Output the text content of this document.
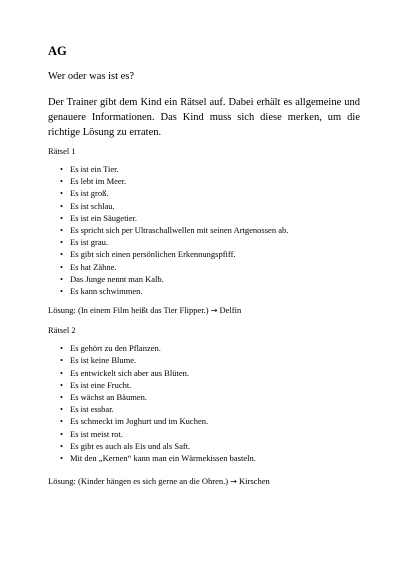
AG
Wer oder was ist es?
Der Trainer gibt dem Kind ein Rätsel auf. Dabei erhält es allgemeine und genauere Informationen. Das Kind muss sich diese merken, um die richtige Lösung zu erraten.
Rätsel 1
• Es ist ein Tier.
• Es lebt im Meer.
• Es ist groß.
• Es ist schlau.
• Es ist ein Säugetier.
• Es spricht sich per Ultraschallwellen mit seinen Artgenossen ab.
• Es ist grau.
• Es gibt sich einen persönlichen Erkennungspfiff.
• Es hat Zähne.
• Das Junge nennt man Kalb.
• Es kann schwimmen.
Lösung: (In einem Film heißt das Tier Flipper.) → Delfin
Rätsel 2
• Es gehört zu den Pflanzen.
• Es ist keine Blume.
• Es entwickelt sich aber aus Blüten.
• Es ist eine Frucht.
• Es wächst an Bäumen.
• Es ist essbar.
• Es schmeckt im Joghurt und im Kuchen.
• Es ist meist rot.
• Es gibt es auch als Eis und als Saft.
• Mit den „Kernen“ kann man ein Wärmekissen basteln.
Lösung: (Kinder hängen es sich gerne an die Ohren.) → Kirschen
